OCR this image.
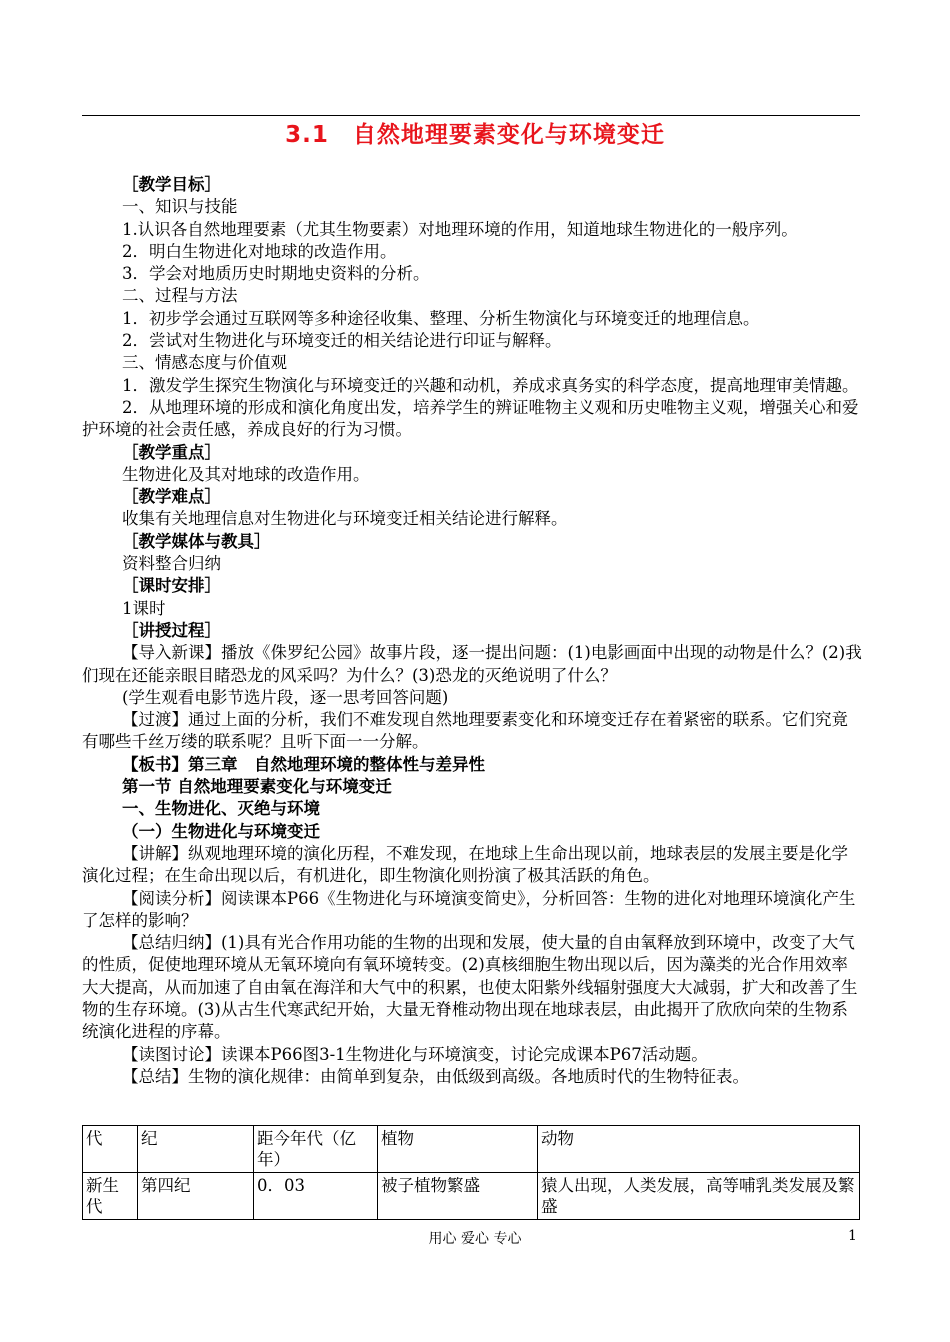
3.1　自然地理要素变化与环境变迁

［教学目标］

一、知识与技能

1.认识各自然地理要素（尤其生物要素）对地理环境的作用，知道地球生物进化的一般序列。

2．明白生物进化对地球的改造作用。

3．学会对地质历史时期地史资料的分析。

二、过程与方法

1．初步学会通过互联网等多种途径收集、整理、分析生物演化与环境变迁的地理信息。

2．尝试对生物进化与环境变迁的相关结论进行印证与解释。

三、情感态度与价值观

1．激发学生探究生物演化与环境变迁的兴趣和动机，养成求真务实的科学态度，提高地理审美情趣。

2．从地理环境的形成和演化角度出发，培养学生的辨证唯物主义观和历史唯物主义观，增强关心和爱护环境的社会责任感，养成良好的行为习惯。

［教学重点］

生物进化及其对地球的改造作用。

［教学难点］

收集有关地理信息对生物进化与环境变迁相关结论进行解释。

［教学媒体与教具］

资料整合归纳

［课时安排］

1课时

［讲授过程］

【导入新课】播放《侏罗纪公园》故事片段，逐一提出问题：(1)电影画面中出现的动物是什么？(2)我们现在还能亲眼目睹恐龙的风采吗？为什么？(3)恐龙的灭绝说明了什么？

(学生观看电影节选片段，逐一思考回答问题)

【过渡】通过上面的分析，我们不难发现自然地理要素变化和环境变迁存在着紧密的联系。它们究竟有哪些千丝万缕的联系呢？且听下面一一分解。

【板书】第三章　自然地理环境的整体性与差异性

第一节 自然地理要素变化与环境变迁

一、生物进化、灭绝与环境

（一）生物进化与环境变迁

【讲解】纵观地理环境的演化历程，不难发现，在地球上生命出现以前，地球表层的发展主要是化学演化过程；在生命出现以后，有机进化，即生物演化则扮演了极其活跃的角色。

【阅读分析】阅读课本P66《生物进化与环境演变简史》，分析回答：生物的进化对地理环境演化产生了怎样的影响？

【总结归纳】(1)具有光合作用功能的生物的出现和发展，使大量的自由氧释放到环境中，改变了大气的性质，促使地理环境从无氧环境向有氧环境转变。(2)真核细胞生物出现以后，因为藻类的光合作用效率大大提高，从而加速了自由氧在海洋和大气中的积累，也使太阳紫外线辐射强度大大减弱，扩大和改善了生物的生存环境。(3)从古生代寒武纪开始，大量无脊椎动物出现在地球表层，由此揭开了欣欣向荣的生物系统演化进程的序幕。

【读图讨论】读课本P66图3-1生物进化与环境演变，讨论完成课本P67活动题。

【总结】生物的演化规律：由简单到复杂，由低级到高级。各地质时代的生物特征表。

代	纪	距今年代（亿年）	植物	动物
新生代	第四纪	0．03	被子植物繁盛	猿人出现，人类发展，高等哺乳类发展及繁盛
用心 爱心 专心	1
